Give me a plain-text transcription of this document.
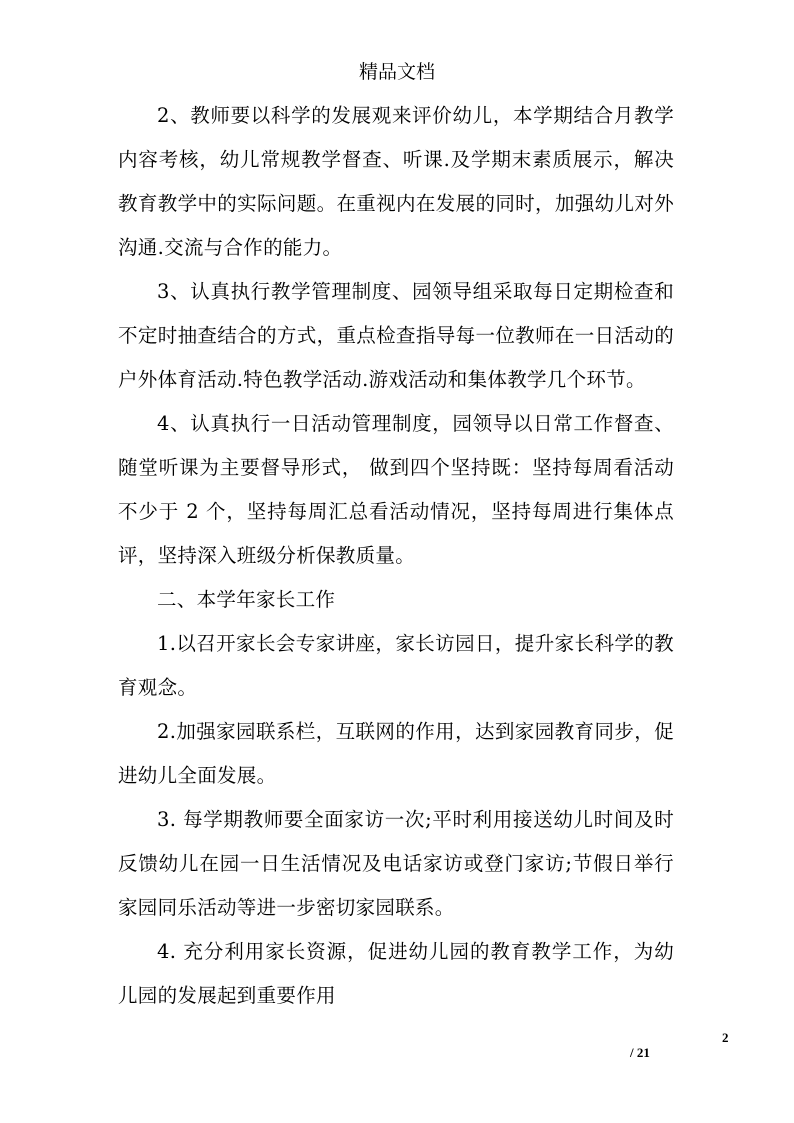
精品文档

2、教师要以科学的发展观来评价幼儿，本学期结合月教学内容考核，幼儿常规教学督查、听课.及学期末素质展示，解决教育教学中的实际问题。在重视内在发展的同时，加强幼儿对外沟通.交流与合作的能力。

3、认真执行教学管理制度、园领导组采取每日定期检查和不定时抽查结合的方式，重点检查指导每一位教师在一日活动的户外体育活动.特色教学活动.游戏活动和集体教学几个环节。

4、认真执行一日活动管理制度，园领导以日常工作督查、随堂听课为主要督导形式， 做到四个坚持既：坚持每周看活动不少于 2 个，坚持每周汇总看活动情况，坚持每周进行集体点评，坚持深入班级分析保教质量。

二、本学年家长工作

1.以召开家长会专家讲座，家长访园日，提升家长科学的教育观念。

2.加强家园联系栏，互联网的作用，达到家园教育同步，促进幼儿全面发展。

3. 每学期教师要全面家访一次;平时利用接送幼儿时间及时反馈幼儿在园一日生活情况及电话家访或登门家访;节假日举行家园同乐活动等进一步密切家园联系。

4. 充分利用家长资源，促进幼儿园的教育教学工作，为幼儿园的发展起到重要作用

2
/ 21
